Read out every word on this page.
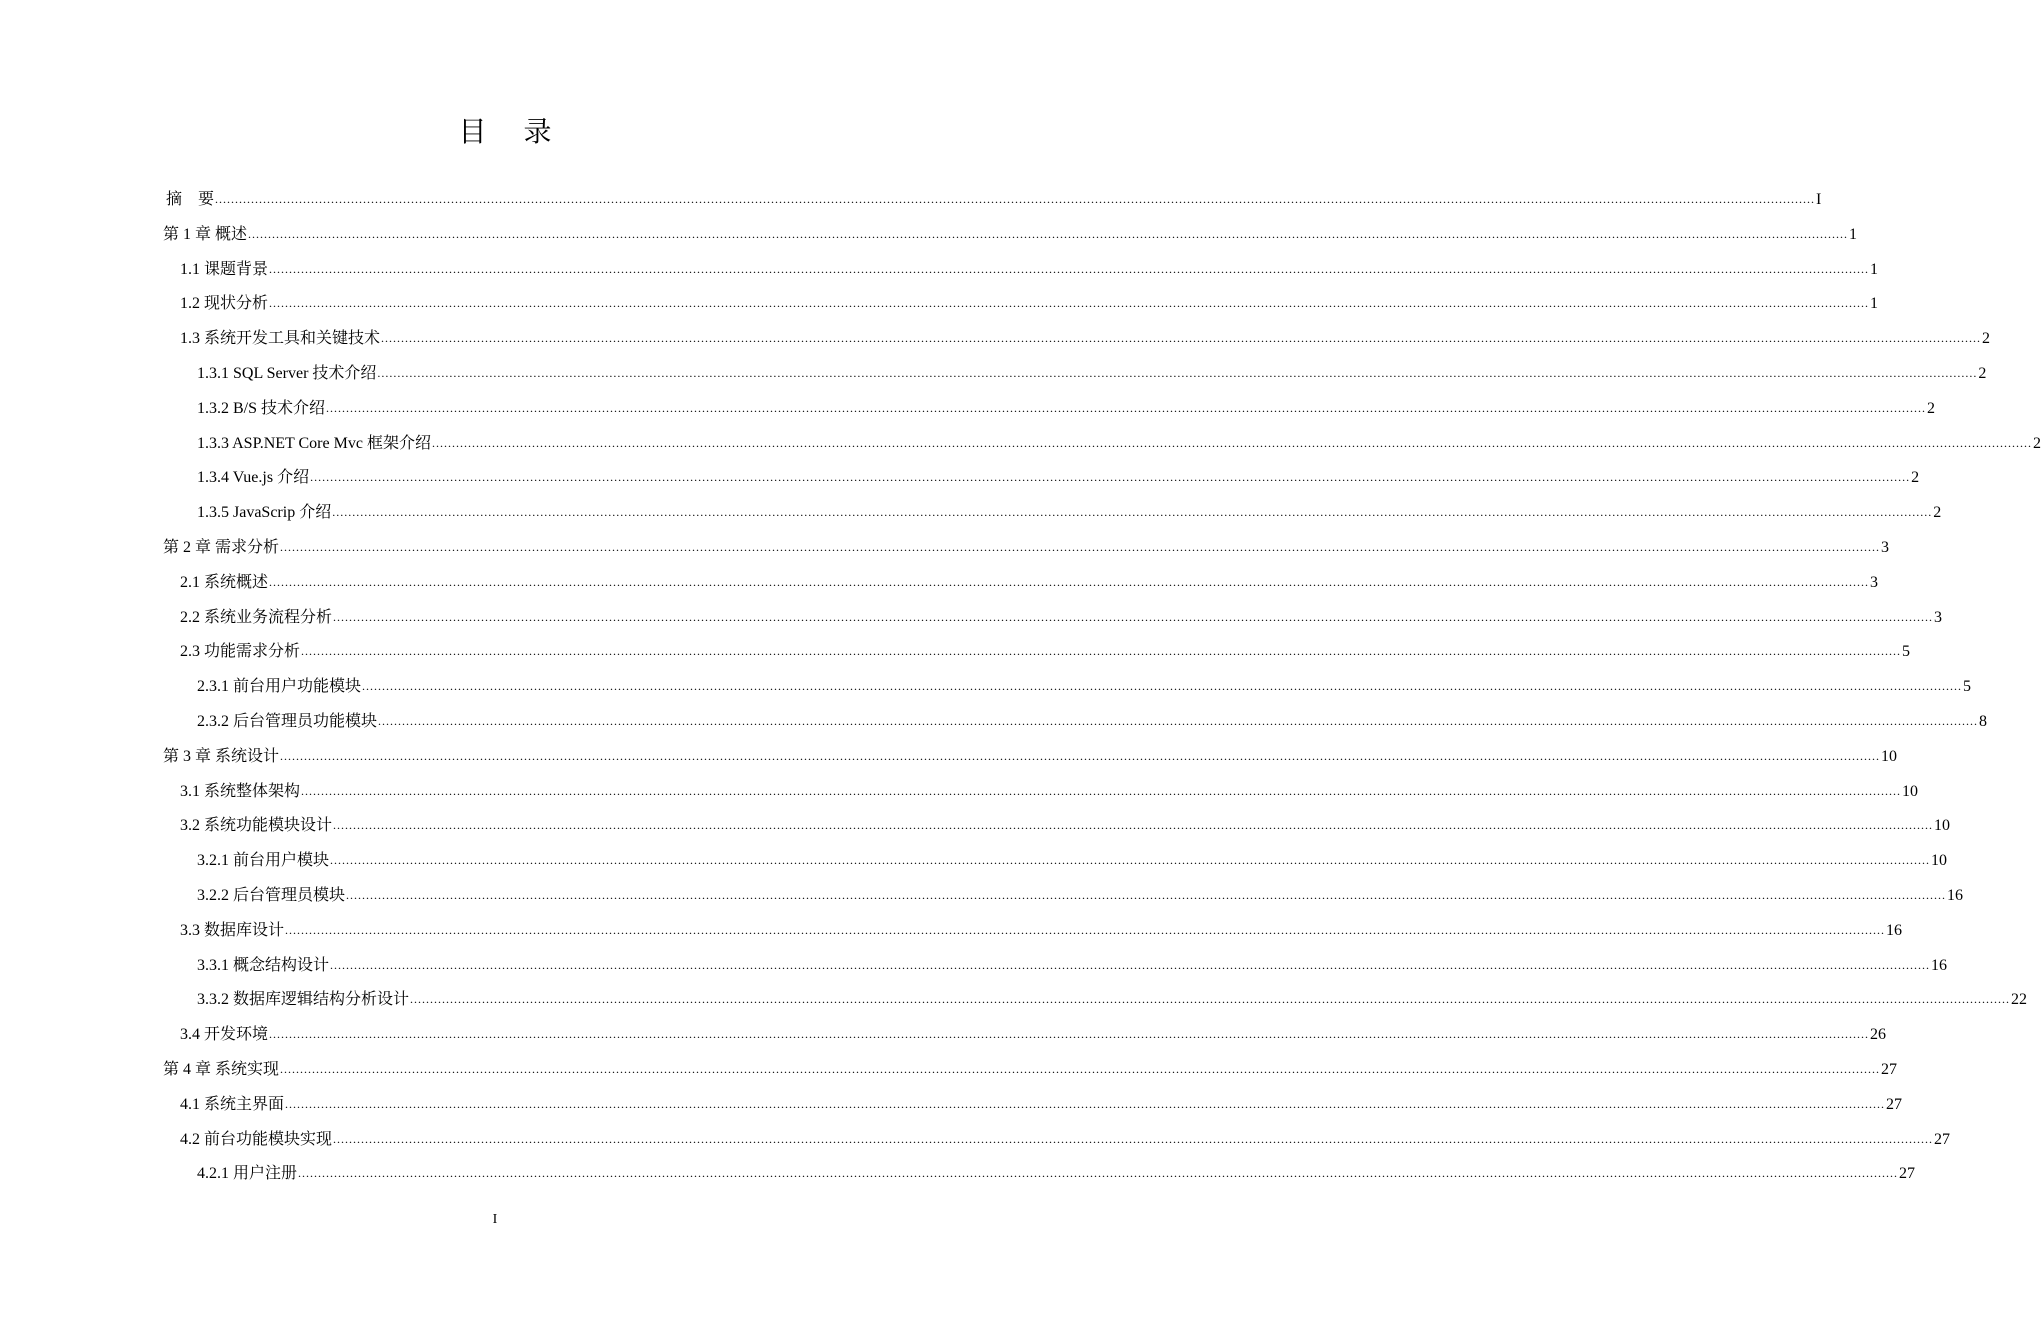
目 录
摘　要 ................................................................................................................................................................................................................................................................................................................................................................................................................ I
第 1 章 概述 ................................................................................................................................................................................................................................................................................................................................................................................................................ 1
1.1 课题背景 ................................................................................................................................................................................................................................................................................................................................................................................................................ 1
1.2 现状分析 ................................................................................................................................................................................................................................................................................................................................................................................................................ 1
1.3 系统开发工具和关键技术 ................................................................................................................................................................................................................................................................................................................................................................................................................ 2
1.3.1 SQL Server 技术介绍 ................................................................................................................................................................................................................................................................................................................................................................................................................ 2
1.3.2 B/S 技术介绍 ................................................................................................................................................................................................................................................................................................................................................................................................................ 2
1.3.3 ASP.NET Core Mvc 框架介绍 ................................................................................................................................................................................................................................................................................................................................................................................................................ 2
1.3.4 Vue.js 介绍 ................................................................................................................................................................................................................................................................................................................................................................................................................ 2
1.3.5 JavaScrip 介绍 ................................................................................................................................................................................................................................................................................................................................................................................................................ 2
第 2 章 需求分析 ................................................................................................................................................................................................................................................................................................................................................................................................................ 3
2.1 系统概述 ................................................................................................................................................................................................................................................................................................................................................................................................................ 3
2.2 系统业务流程分析 ................................................................................................................................................................................................................................................................................................................................................................................................................ 3
2.3 功能需求分析 ................................................................................................................................................................................................................................................................................................................................................................................................................ 5
2.3.1 前台用户功能模块 ................................................................................................................................................................................................................................................................................................................................................................................................................ 5
2.3.2 后台管理员功能模块 ................................................................................................................................................................................................................................................................................................................................................................................................................ 8
第 3 章 系统设计 ................................................................................................................................................................................................................................................................................................................................................................................................................ 10
3.1 系统整体架构 ................................................................................................................................................................................................................................................................................................................................................................................................................ 10
3.2 系统功能模块设计 ................................................................................................................................................................................................................................................................................................................................................................................................................ 10
3.2.1 前台用户模块 ................................................................................................................................................................................................................................................................................................................................................................................................................ 10
3.2.2 后台管理员模块 ................................................................................................................................................................................................................................................................................................................................................................................................................ 16
3.3 数据库设计 ................................................................................................................................................................................................................................................................................................................................................................................................................ 16
3.3.1 概念结构设计 ................................................................................................................................................................................................................................................................................................................................................................................................................ 16
3.3.2 数据库逻辑结构分析设计 ................................................................................................................................................................................................................................................................................................................................................................................................................ 22
3.4 开发环境 ................................................................................................................................................................................................................................................................................................................................................................................................................ 26
第 4 章 系统实现 ................................................................................................................................................................................................................................................................................................................................................................................................................ 27
4.1 系统主界面 ................................................................................................................................................................................................................................................................................................................................................................................................................ 27
4.2 前台功能模块实现 ................................................................................................................................................................................................................................................................................................................................................................................................................ 27
4.2.1 用户注册 ................................................................................................................................................................................................................................................................................................................................................................................................................ 27
I
